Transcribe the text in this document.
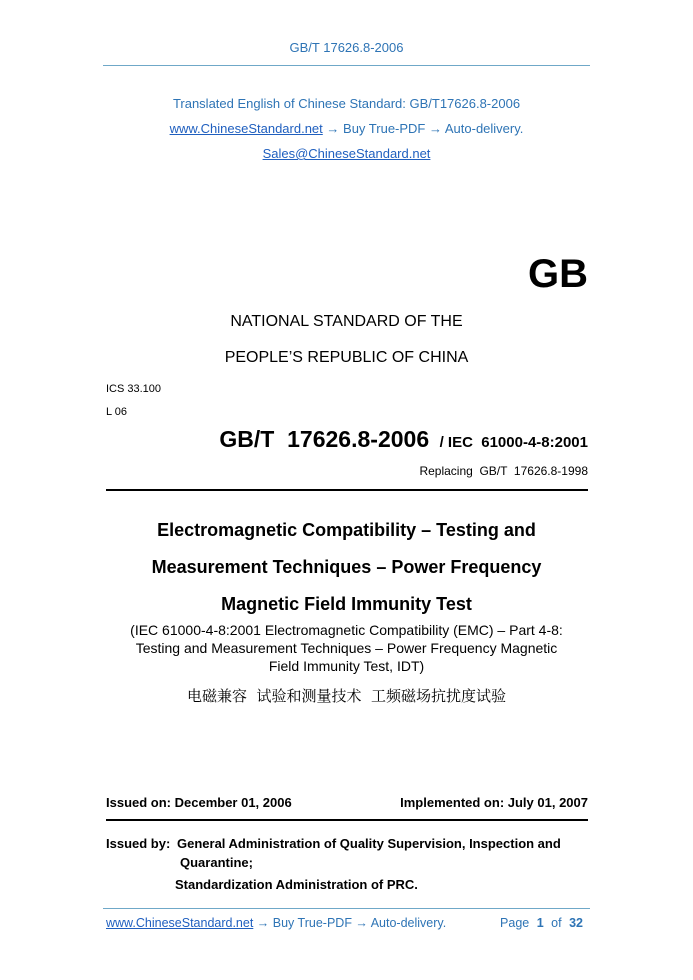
GB/T 17626.8-2006
Translated English of Chinese Standard: GB/T17626.8-2006
www.ChineseStandard.net → Buy True-PDF → Auto-delivery.
Sales@ChineseStandard.net
GB
NATIONAL STANDARD OF THE
PEOPLE’S REPUBLIC OF CHINA
ICS 33.100
L 06
GB/T  17626.8-2006 / IEC  61000-4-8:2001
Replacing  GB/T  17626.8-1998
Electromagnetic Compatibility – Testing and
Measurement Techniques – Power Frequency
Magnetic Field Immunity Test
(IEC 61000-4-8:2001 Electromagnetic Compatibility (EMC) – Part 4-8:
Testing and Measurement Techniques – Power Frequency Magnetic
Field Immunity Test, IDT)
电磁兼容  试验和测量技术  工频磁场抗扰度试验
Issued on: December 01, 2006	Implemented on: July 01, 2007
Issued by: General Administration of Quality Supervision, Inspection and
Quarantine;
Standardization Administration of PRC.
www.ChineseStandard.net → Buy True-PDF → Auto-delivery.	Page 1 of 32
